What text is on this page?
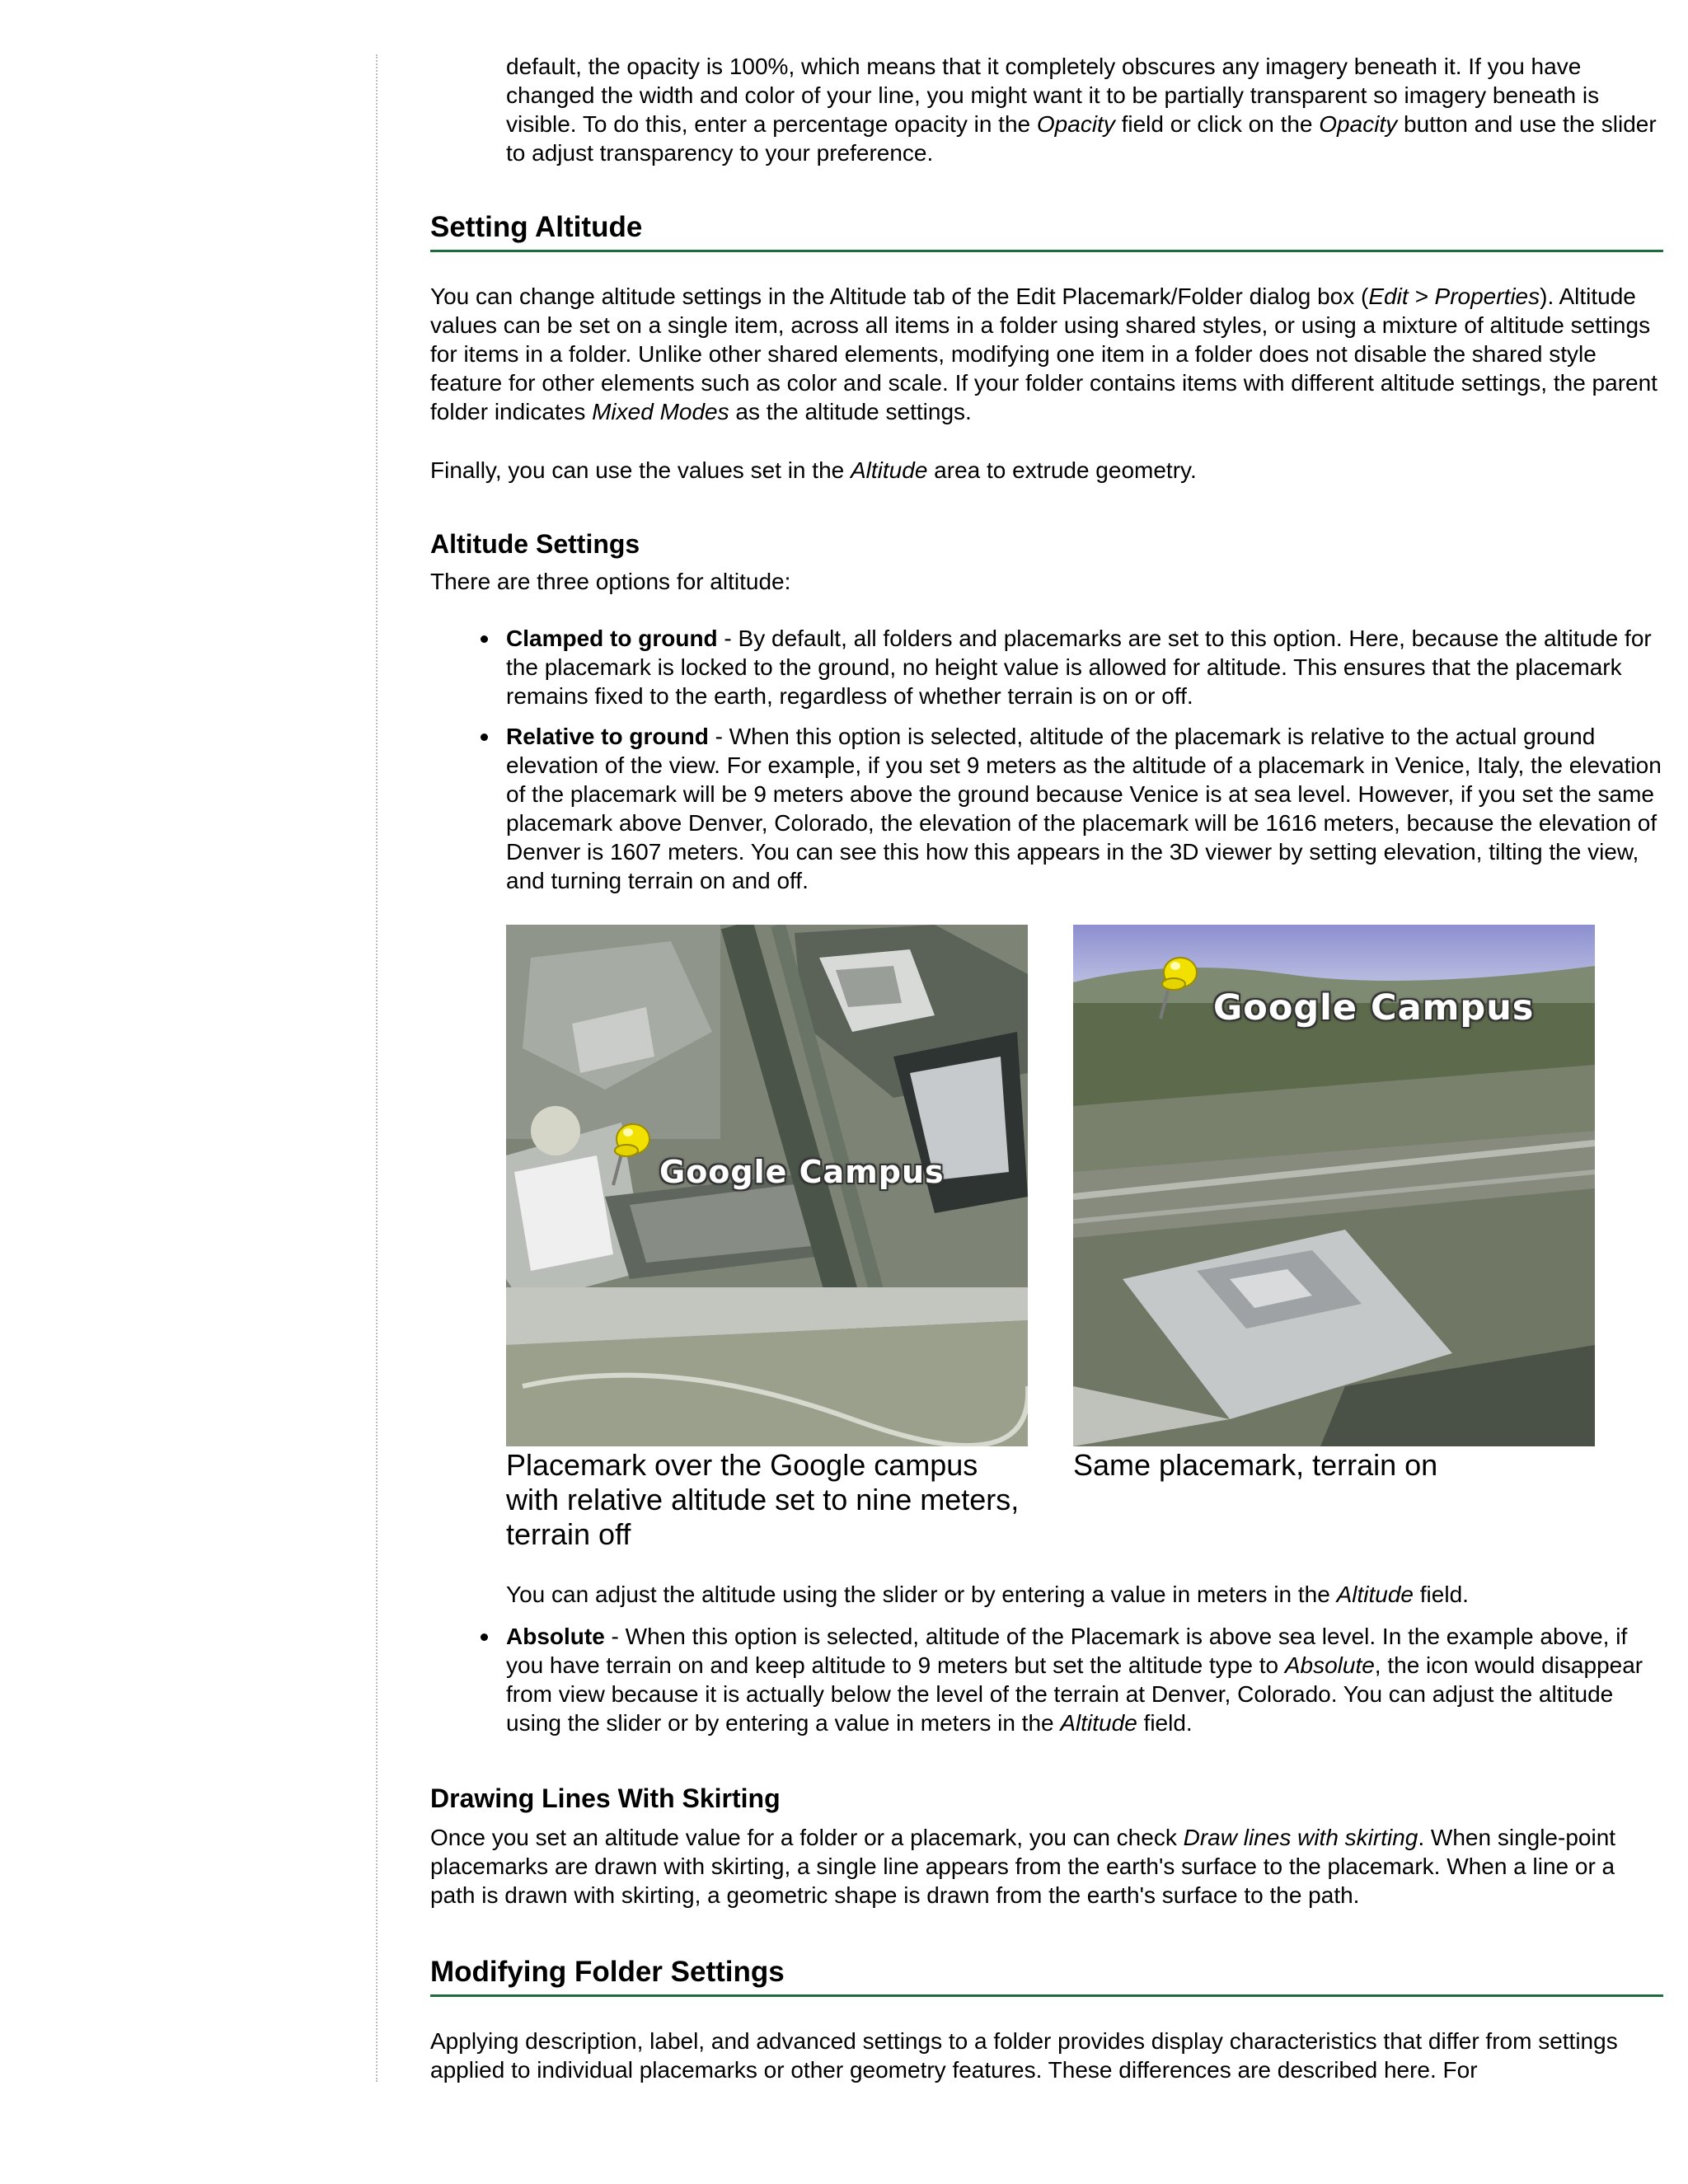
default, the opacity is 100%, which means that it completely obscures any imagery beneath it. If you have changed the width and color of your line, you might want it to be partially transparent so imagery beneath is visible. To do this, enter a percentage opacity in the Opacity field or click on the Opacity button and use the slider to adjust transparency to your preference.

Setting Altitude

You can change altitude settings in the Altitude tab of the Edit Placemark/Folder dialog box (Edit > Properties). Altitude values can be set on a single item, across all items in a folder using shared styles, or using a mixture of altitude settings for items in a folder. Unlike other shared elements, modifying one item in a folder does not disable the shared style feature for other elements such as color and scale. If your folder contains items with different altitude settings, the parent folder indicates Mixed Modes as the altitude settings.

Finally, you can use the values set in the Altitude area to extrude geometry.

Altitude Settings

There are three options for altitude:

Clamped to ground - By default, all folders and placemarks are set to this option. Here, because the altitude for the placemark is locked to the ground, no height value is allowed for altitude. This ensures that the placemark remains fixed to the earth, regardless of whether terrain is on or off.
Relative to ground - When this option is selected, altitude of the placemark is relative to the actual ground elevation of the view. For example, if you set 9 meters as the altitude of a placemark in Venice, Italy, the elevation of the placemark will be 9 meters above the ground because Venice is at sea level. However, if you set the same placemark above Denver, Colorado, the elevation of the placemark will be 1616 meters, because the elevation of Denver is 1607 meters. You can see this how this appears in the 3D viewer by setting elevation, tilting the view, and turning terrain on and off.
Google Campus
Placemark over the Google campus with relative altitude set to nine meters, terrain off
Google Campus
Same placemark, terrain on

You can adjust the altitude using the slider or by entering a value in meters in the Altitude field.

Absolute - When this option is selected, altitude of the Placemark is above sea level. In the example above, if you have terrain on and keep altitude to 9 meters but set the altitude type to Absolute, the icon would disappear from view because it is actually below the level of the terrain at Denver, Colorado. You can adjust the altitude using the slider or by entering a value in meters in the Altitude field.
Drawing Lines With Skirting

Once you set an altitude value for a folder or a placemark, you can check Draw lines with skirting. When single-point placemarks are drawn with skirting, a single line appears from the earth's surface to the placemark. When a line or a path is drawn with skirting, a geometric shape is drawn from the earth's surface to the path.

Modifying Folder Settings

Applying description, label, and advanced settings to a folder provides display characteristics that differ from settings applied to individual placemarks or other geometry features. These differences are described here. For
